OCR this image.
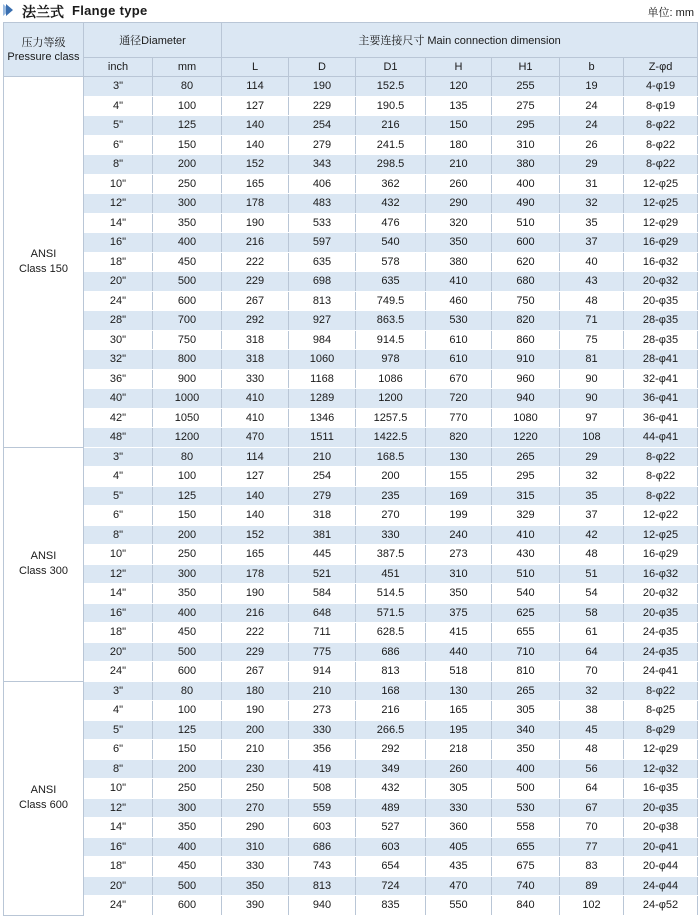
法兰式 Flange type	单位: mm
压力等级
Pressure class	通径Diameter		主要连接尺寸 Main connection dimension						
	inch	mm	L	D	D1	H	H1	b	Z-φd

ANSI
Class 150	3"	80	114	190	152.5	120	255	19	4-φ19
	4"	100	127	229	190.5	135	275	24	8-φ19
	5"	125	140	254	216	150	295	24	8-φ22
	6"	150	140	279	241.5	180	310	26	8-φ22
	8"	200	152	343	298.5	210	380	29	8-φ22
	10"	250	165	406	362	260	400	31	12-φ25
	12"	300	178	483	432	290	490	32	12-φ25
	14"	350	190	533	476	320	510	35	12-φ29
	16"	400	216	597	540	350	600	37	16-φ29
	18"	450	222	635	578	380	620	40	16-φ32
	20"	500	229	698	635	410	680	43	20-φ32
	24"	600	267	813	749.5	460	750	48	20-φ35
	28"	700	292	927	863.5	530	820	71	28-φ35
	30"	750	318	984	914.5	610	860	75	28-φ35
	32"	800	318	1060	978	610	910	81	28-φ41
	36"	900	330	1168	1086	670	960	90	32-φ41
	40"	1000	410	1289	1200	720	940	90	36-φ41
	42"	1050	410	1346	1257.5	770	1080	97	36-φ41
	48"	1200	470	1511	1422.5	820	1220	108	44-φ41

ANSI
Class 300	3"	80	114	210	168.5	130	265	29	8-φ22
	4"	100	127	254	200	155	295	32	8-φ22
	5"	125	140	279	235	169	315	35	8-φ22
	6"	150	140	318	270	199	329	37	12-φ22
	8"	200	152	381	330	240	410	42	12-φ25
	10"	250	165	445	387.5	273	430	48	16-φ29
	12"	300	178	521	451	310	510	51	16-φ32
	14"	350	190	584	514.5	350	540	54	20-φ32
	16"	400	216	648	571.5	375	625	58	20-φ35
	18"	450	222	711	628.5	415	655	61	24-φ35
	20"	500	229	775	686	440	710	64	24-φ35
	24"	600	267	914	813	518	810	70	24-φ41

ANSI
Class 600	3"	80	180	210	168	130	265	32	8-φ22
	4"	100	190	273	216	165	305	38	8-φ25
	5"	125	200	330	266.5	195	340	45	8-φ29
	6"	150	210	356	292	218	350	48	12-φ29
	8"	200	230	419	349	260	400	56	12-φ32
	10"	250	250	508	432	305	500	64	16-φ35
	12"	300	270	559	489	330	530	67	20-φ35
	14"	350	290	603	527	360	558	70	20-φ38
	16"	400	310	686	603	405	655	77	20-φ41
	18"	450	330	743	654	435	675	83	20-φ44
	20"	500	350	813	724	470	740	89	24-φ44
	24"	600	390	940	835	550	840	102	24-φ52
